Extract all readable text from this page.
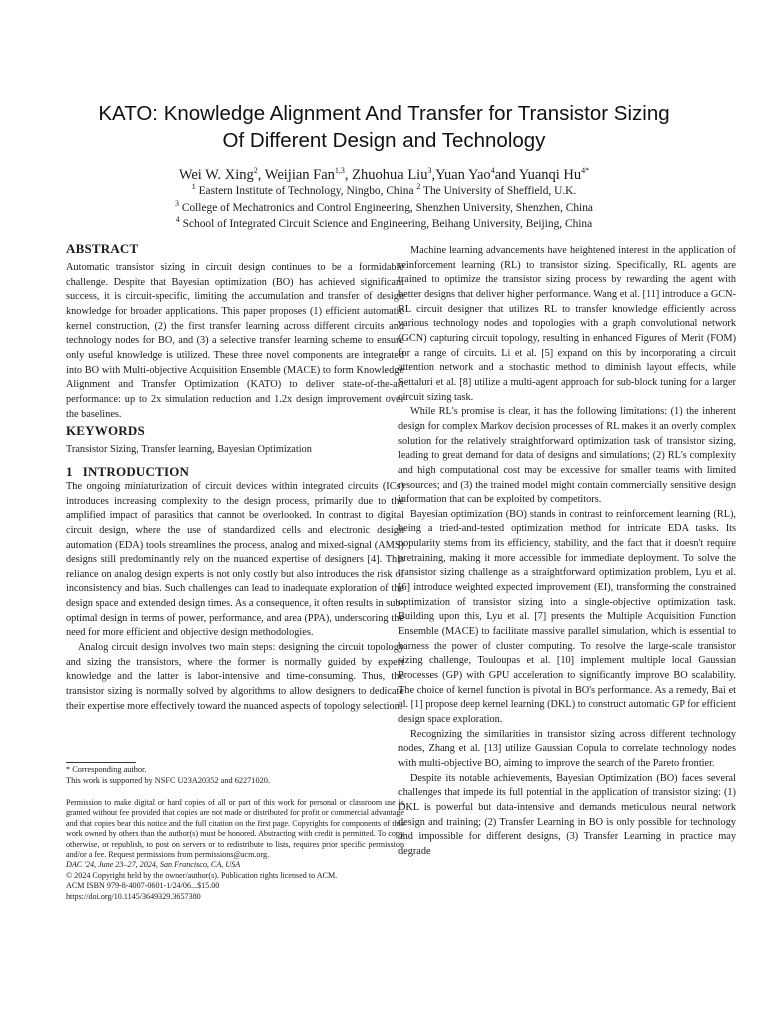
KATO: Knowledge Alignment And Transfer for Transistor Sizing
Of Different Design and Technology
Wei W. Xing$^2$, Weijian Fan$^{1,3}$, Zhuohua Liu$^3$,Yuan Yao$^4$and Yuanqi $Hu^{4*}$
$^1$ Eastern Institute of Technology, Ningbo, China $^2$ The University of Sheffield, U.K.
$^3$ College of Mechatronics and Control Engineering, Shenzhen University, Shenzhen, China
$^4$ School of Integrated Circuit Science and Engineering, Beihang University, Beijing, China
ABSTRACT

Automatic transistor sizing in circuit design continues to be a formidable challenge. Despite that Bayesian optimization (BO) has achieved significant success, it is circuit-specific, limiting the accumulation and transfer of design knowledge for broader applications. This paper proposes (1) efficient automatic kernel construction, (2) the first transfer learning across different circuits and technology nodes for BO, and (3) a selective transfer learning scheme to ensure only useful knowledge is utilized. These three novel components are integrated into BO with Multi-objective Acquisition Ensemble (MACE) to form Knowledge Alignment and Transfer Optimization (KATO) to deliver state-of-the-art performance: up to 2x simulation reduction and 1.2x design improvement over the baselines.

KEYWORDS

Transistor Sizing, Transfer learning, Bayesian Optimization

1 INTRODUCTION

The ongoing miniaturization of circuit devices within integrated circuits (ICs) introduces increasing complexity to the design process, primarily due to the amplified impact of parasitics that cannot be overlooked. In contrast to digital circuit design, where the use of standardized cells and electronic design automation (EDA) tools streamlines the process, analog and mixed-signal (AMS) designs still predominantly rely on the nuanced expertise of designers [4]. This reliance on analog design experts is not only costly but also introduces the risk of inconsistency and bias. Such challenges can lead to inadequate exploration of the design space and extended design times. As a consequence, it often results in sub-optimal design in terms of power, performance, and area (PPA), underscoring the need for more efficient and objective design methodologies.

Analog circuit design involves two main steps: designing the circuit topology and sizing the transistors, where the former is normally guided by expert knowledge and the latter is labor-intensive and time-consuming. Thus, the transistor sizing is normally solved by algorithms to allow designers to dedicate their expertise more effectively toward the nuanced aspects of topology selection.

* Corresponding author.
This work is supported by NSFC U23A20352 and 62271020.

Permission to make digital or hard copies of all or part of this work for personal or classroom use is granted without fee provided that copies are not made or distributed for profit or commercial advantage and that copies bear this notice and the full citation on the first page. Copyrights for components of this work owned by others than the author(s) must be honored. Abstracting with credit is permitted. To copy otherwise, or republish, to post on servers or to redistribute to lists, requires prior specific permission and/or a fee. Request permissions from permissions@acm.org.

DAC '24, June 23–27, 2024, San Francisco, CA, USA
© 2024 Copyright held by the owner/author(s). Publication rights licensed to ACM.
ACM ISBN 979-8-4007-0601-1/24/06...$15.00
https://doi.org/10.1145/3649329.3657380

Machine learning advancements have heightened interest in the application of reinforcement learning (RL) to transistor sizing. Specifically, RL agents are trained to optimize the transistor sizing process by rewarding the agent with better designs that deliver higher performance. Wang et al. [11] introduce a GCN-RL circuit designer that utilizes RL to transfer knowledge efficiently across various technology nodes and topologies with a graph convolutional network (GCN) capturing circuit topology, resulting in enhanced Figures of Merit (FOM) for a range of circuits. Li et al. [5] expand on this by incorporating a circuit attention network and a stochastic method to diminish layout effects, while Settaluri et al. [8] utilize a multi-agent approach for sub-block tuning for a larger circuit sizing task.

While RL's promise is clear, it has the following limitations: (1) the inherent design for complex Markov decision processes of RL makes it an overly complex solution for the relatively straightforward optimization task of transistor sizing, leading to great demand for data of designs and simulations; (2) RL's complexity and high computational cost may be excessive for smaller teams with limited resources; and (3) the trained model might contain commercially sensitive design information that can be exploited by competitors.

Bayesian optimization (BO) stands in contrast to reinforcement learning (RL), being a tried-and-tested optimization method for intricate EDA tasks. Its popularity stems from its efficiency, stability, and the fact that it doesn't require pretraining, making it more accessible for immediate deployment. To solve the transistor sizing challenge as a straightforward optimization problem, Lyu et al. [6] introduce weighted expected improvement (EI), transforming the constrained optimization of transistor sizing into a single-objective optimization task. Building upon this, Lyu et al. [7] presents the Multiple Acquisition Function Ensemble (MACE) to facilitate massive parallel simulation, which is essential to harness the power of cluster computing. To resolve the large-scale transistor sizing challenge, Touloupas et al. [10] implement multiple local Gaussian Processes (GP) with GPU acceleration to significantly improve BO scalability. The choice of kernel function is pivotal in BO's performance. As a remedy, Bai et al. [1] propose deep kernel learning (DKL) to construct automatic GP for efficient design space exploration.

Recognizing the similarities in transistor sizing across different technology nodes, Zhang et al. [13] utilize Gaussian Copula to correlate technology nodes with multi-objective BO, aiming to improve the search of the Pareto frontier.

Despite its notable achievements, Bayesian Optimization (BO) faces several challenges that impede its full potential in the application of transistor sizing: (1) DKL is powerful but data-intensive and demands meticulous neural network design and training; (2) Transfer Learning in BO is only possible for technology and impossible for different designs, (3) Transfer Learning in practice may degrade
